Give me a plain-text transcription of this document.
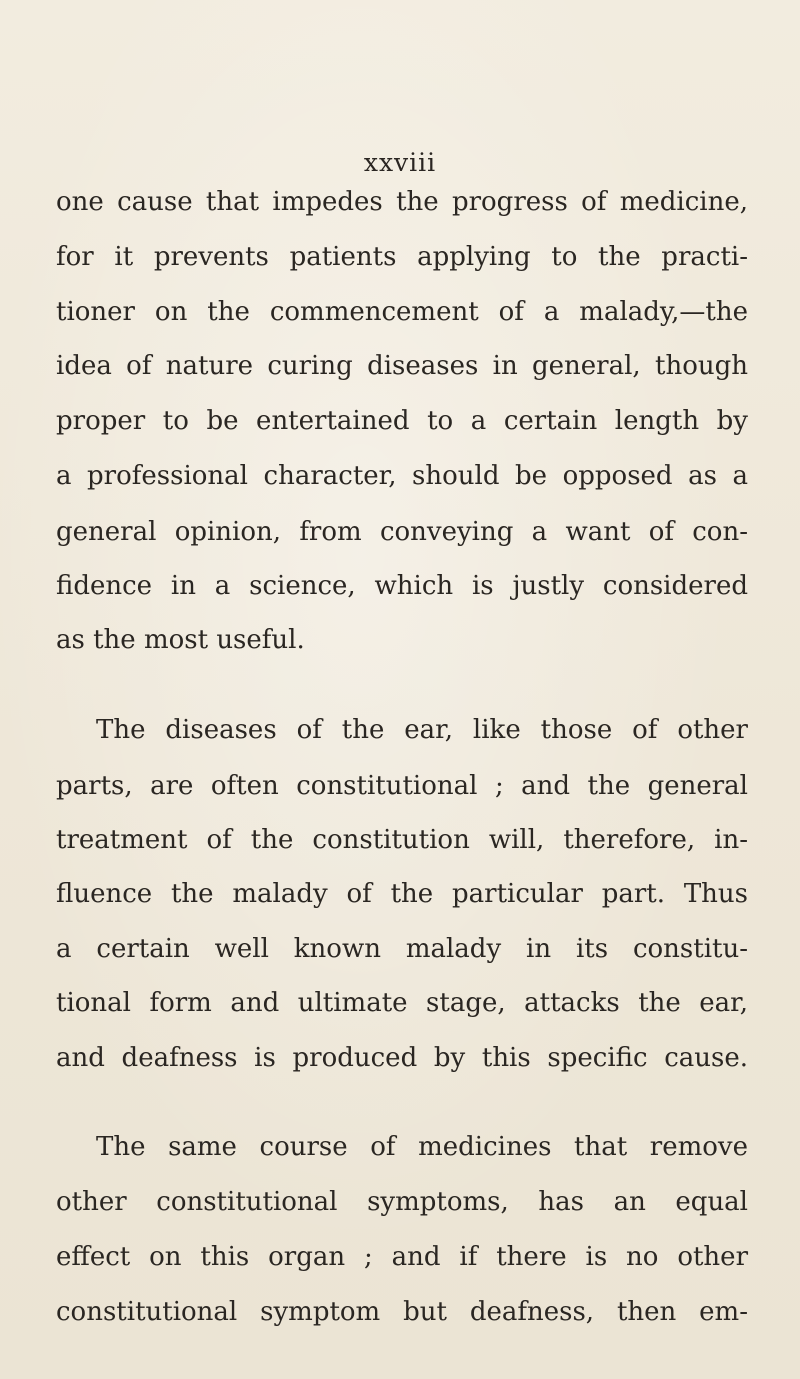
xxviii

one cause that impedes the progress of medicine,

for it prevents patients applying to the practi-

tioner on the commencement of a malady,—the

idea of nature curing diseases in general, though

proper to be entertained to a certain length by

a professional character, should be opposed as a

general opinion, from conveying a want of con-

fidence in a science, which is justly considered

as the most useful.

The diseases of the ear, like those of other

parts, are often constitutional ; and the general

treatment of the constitution will, therefore, in-

fluence the malady of the particular part. Thus

a certain well known malady in its constitu-

tional form and ultimate stage, attacks the ear,

and deafness is produced by this specific cause.

The same course of medicines that remove

other constitutional symptoms, has an equal

effect on this organ ; and if there is no other

constitutional symptom but deafness, then em-
